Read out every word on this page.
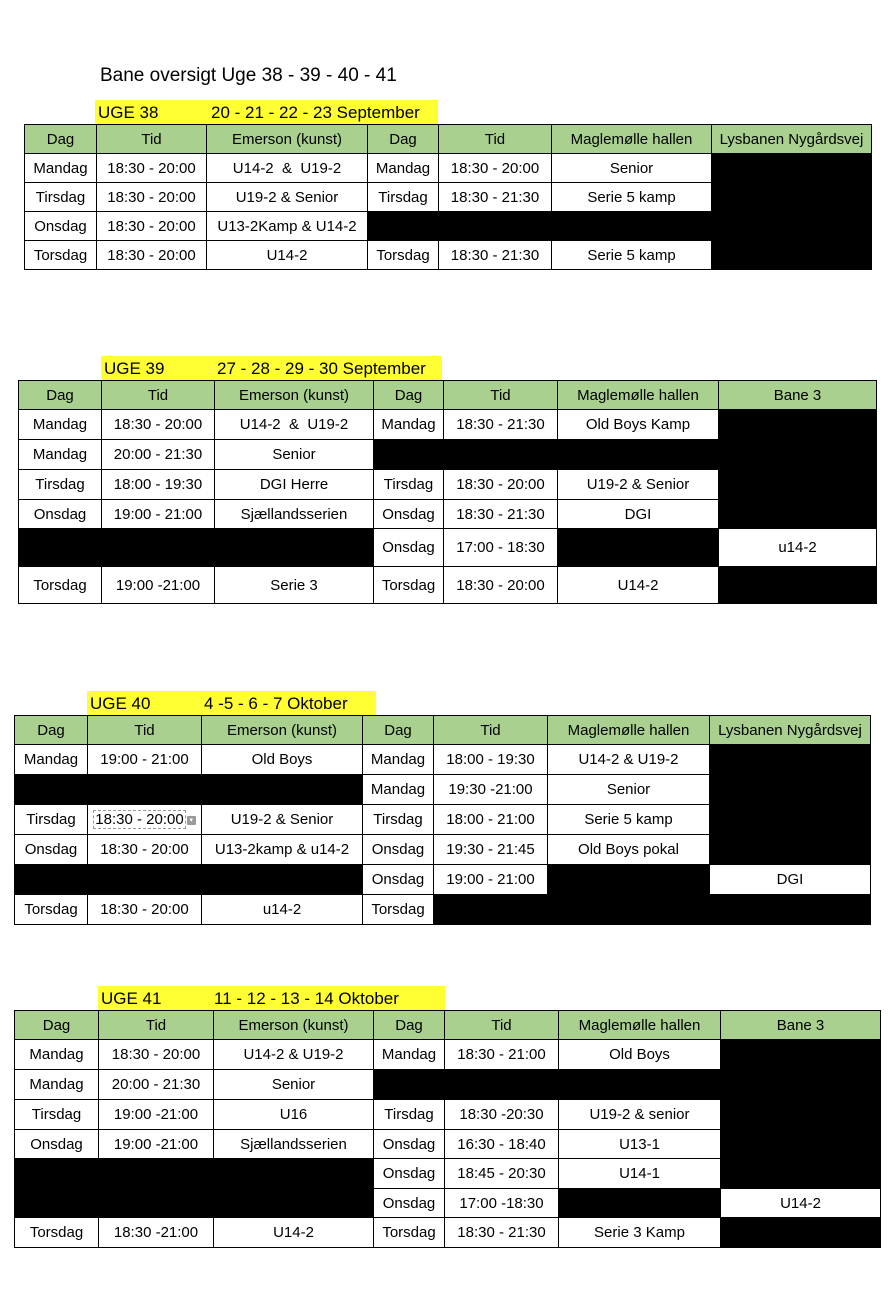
Bane oversigt Uge 38 - 39 - 40 - 41
UGE 38	20 - 21 - 22 - 23 September
Dag	Tid	Emerson (kunst)	Dag	Tid	Maglemølle hallen	Lysbanen Nygårdsvej
Mandag	18:30 - 20:00	U14-2  &  U19-2	Mandag	18:30 - 20:00	Senior	
Tirsdag	18:30 - 20:00	U19-2 & Senior	Tirsdag	18:30 - 21:30	Serie 5 kamp	
Onsdag	18:30 - 20:00	U13-2Kamp & U14-2				
Torsdag	18:30 - 20:00	U14-2	Torsdag	18:30 - 21:30	Serie 5 kamp	
UGE 39	27 - 28 - 29 - 30 September
Dag	Tid	Emerson (kunst)	Dag	Tid	Maglemølle hallen	Bane 3
Mandag	18:30 - 20:00	U14-2  &  U19-2	Mandag	18:30 - 21:30	Old Boys Kamp	
Mandag	20:00 - 21:30	Senior				
Tirsdag	18:00 - 19:30	DGI Herre	Tirsdag	18:30 - 20:00	U19-2 & Senior	
Onsdag	19:00 - 21:00	Sjællandsserien	Onsdag	18:30 - 21:30	DGI	
			Onsdag	17:00 - 18:30		u14-2
Torsdag	19:00 -21:00	Serie 3	Torsdag	18:30 - 20:00	U14-2	
UGE 40	4 -5 - 6 - 7 Oktober
Dag	Tid	Emerson (kunst)	Dag	Tid	Maglemølle hallen	Lysbanen Nygårdsvej
Mandag	19:00 - 21:00	Old Boys	Mandag	18:00 - 19:30	U14-2 & U19-2	
			Mandag	19:30 -21:00	Senior	
Tirsdag	18:30 - 20:00 ▾	U19-2 & Senior	Tirsdag	18:00 - 21:00	Serie 5 kamp	
Onsdag	18:30 - 20:00	U13-2kamp & u14-2	Onsdag	19:30 - 21:45	Old Boys pokal	
			Onsdag	19:00 - 21:00		DGI
Torsdag	18:30 - 20:00	u14-2	Torsdag			
UGE 41	11 - 12 - 13 - 14 Oktober
Dag	Tid	Emerson (kunst)	Dag	Tid	Maglemølle hallen	Bane 3
Mandag	18:30 - 20:00	U14-2 & U19-2	Mandag	18:30 - 21:00	Old Boys	
Mandag	20:00 - 21:30	Senior				
Tirsdag	19:00 -21:00	U16	Tirsdag	18:30 -20:30	U19-2 & senior	
Onsdag	19:00 -21:00	Sjællandsserien	Onsdag	16:30 - 18:40	U13-1	
			Onsdag	18:45 - 20:30	U14-1	
			Onsdag	17:00 -18:30		U14-2
Torsdag	18:30 -21:00	U14-2	Torsdag	18:30 - 21:30	Serie 3 Kamp	
